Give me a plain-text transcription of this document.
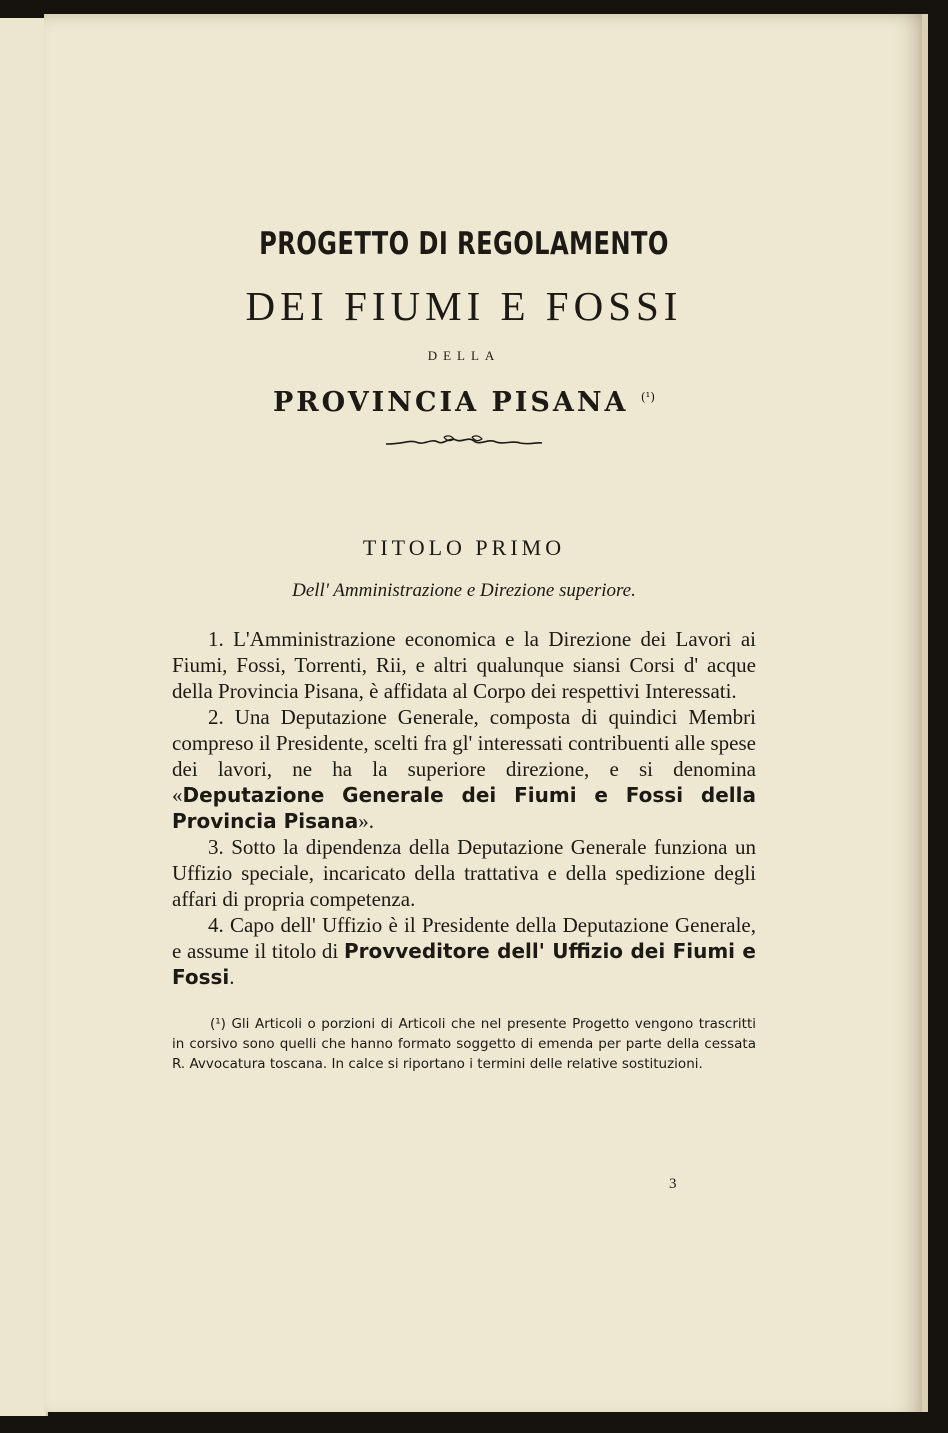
PROGETTO DI REGOLAMENTO
DEI FIUMI E FOSSI
DELLA
PROVINCIA PISANA $^{(^1)}$
TITOLO PRIMO
Dell' Amministrazione e Direzione superiore.

1. L'Amministrazione economica e la Direzione dei Lavori ai Fiumi, Fossi, Torrenti, Rii, e altri qualunque siansi Corsi d' acque della Provincia Pisana, è affidata al Corpo dei respettivi Interessati.

2. Una Deputazione Generale, composta di quindici Membri compreso il Presidente, scelti fra gl' interessati contribuenti alle spese dei lavori, ne ha la superiore direzione, e si denomina «Deputazione Generale dei Fiumi e Fossi della Provincia Pisana».

3. Sotto la dipendenza della Deputazione Generale funziona un Uffizio speciale, incaricato della trattativa e della spedizione degli affari di propria competenza.

4. Capo dell' Uffizio è il Presidente della Deputazione Generale, e assume il titolo di Provveditore dell' Uffizio dei Fiumi e Fossi.

(¹) Gli Articoli o porzioni di Articoli che nel presente Progetto vengono trascritti in corsivo sono quelli che hanno formato soggetto di emenda per parte della cessata R. Avvocatura toscana. In calce si riportano i termini delle relative sostituzioni.
3
